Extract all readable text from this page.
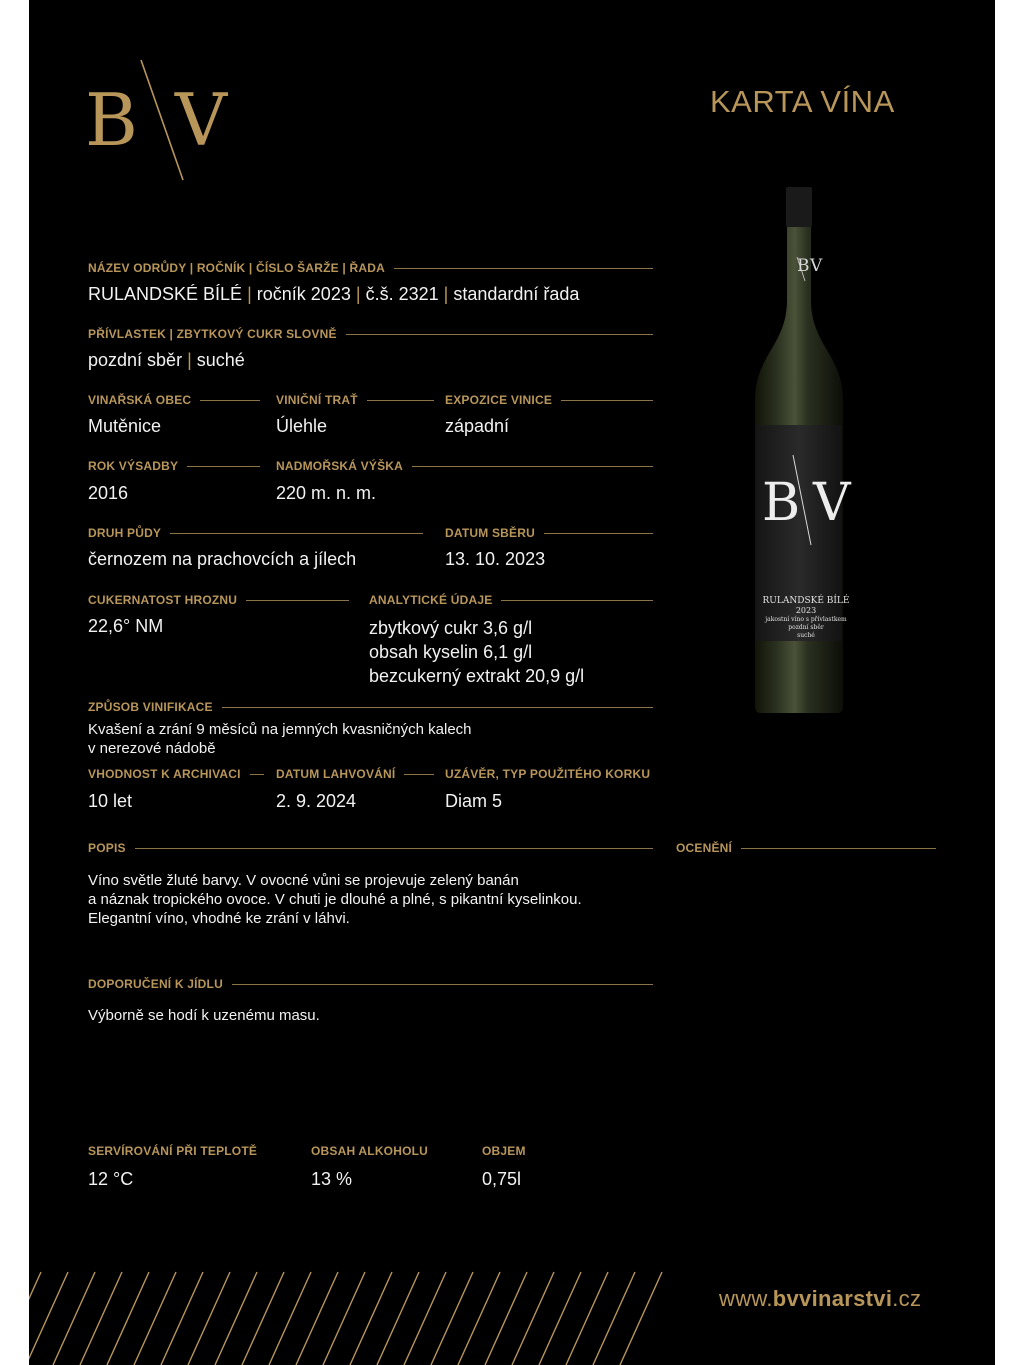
B V	KARTA VÍNA
NÁZEV ODRŮDY | ROČNÍK | ČÍSLO ŠARŽE | ŘADA
RULANDSKÉ BÍLÉ | ročník 2023 | č.š. 2321 | standardní řada
PŘÍVLASTEK | ZBYTKOVÝ CUKR SLOVNĚ
pozdní sběr | suché
VINAŘSKÁ OBEC
Mutěnice
VINIČNÍ TRAŤ
Úlehle
EXPOZICE VINICE
západní
ROK VÝSADBY
2016
NADMOŘSKÁ VÝŠKA
220 m. n. m.
DRUH PŮDY
černozem na prachovcích a jílech
DATUM SBĚRU
13. 10. 2023
CUKERNATOST HROZNU
22,6° NM
ANALYTICKÉ ÚDAJE
zbytkový cukr 3,6 g/l
obsah kyselin 6,1 g/l
bezcukerný extrakt 20,9 g/l
ZPŮSOB VINIFIKACE
Kvašení a zrání 9 měsíců na jemných kvasničných kalech
v nerezové nádobě
VHODNOST K ARCHIVACI
10 let
DATUM LAHVOVÁNÍ
2. 9. 2024
UZÁVĚR, TYP POUŽITÉHO KORKU
Diam 5
POPIS
Víno světle žluté barvy. V ovocné vůni se projevuje zelený banán
a náznak tropického ovoce. V chuti je dlouhé a plné, s pikantní kyselinkou.
Elegantní víno, vhodné ke zrání v láhvi.
OCENĚNÍ
DOPORUČENÍ K JÍDLU
Výborně se hodí k uzenému masu.
SERVÍROVÁNÍ PŘI TEPLOTĚ
12 °C
OBSAH ALKOHOLU
13 %
OBJEM
0,75l
B V
B V
RULANDSKÉ BÍLÉ
2023
jakostní víno s přívlastkem
pozdní sběr
suché
www.bvvinarstvi.cz
